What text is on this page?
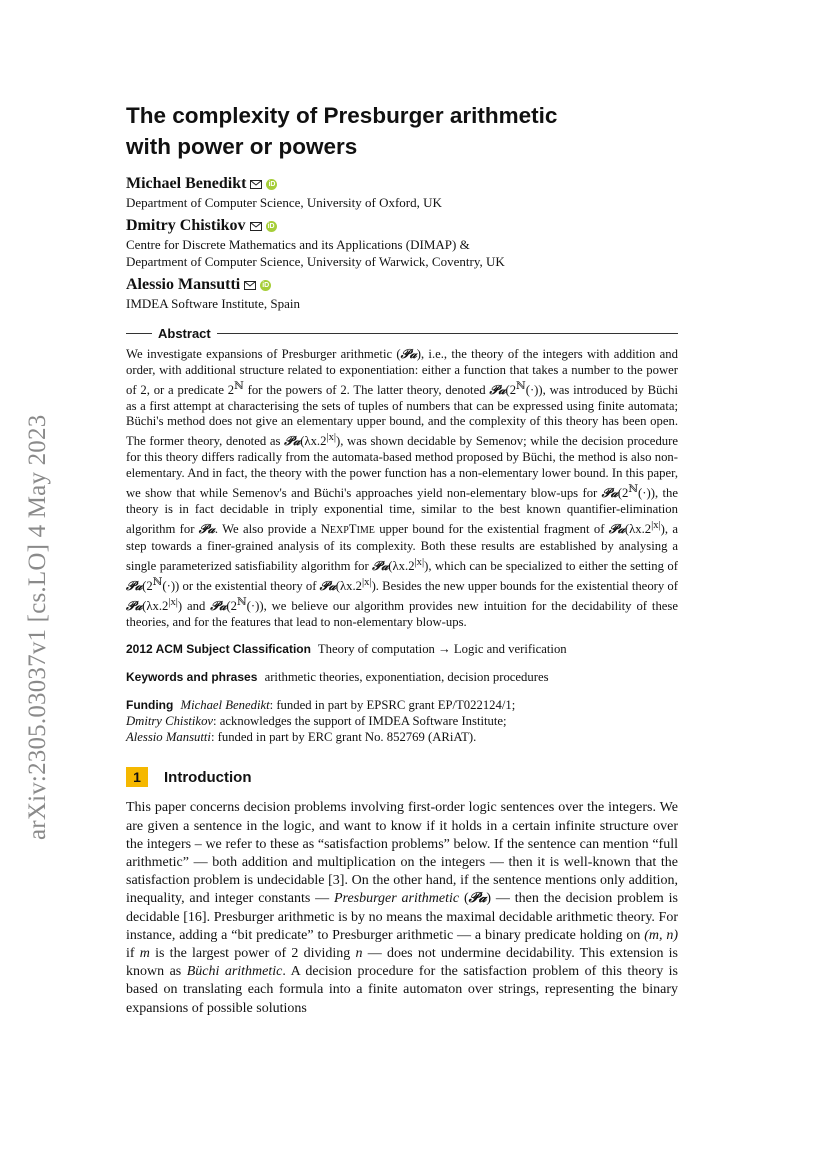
arXiv:2305.03037v1 [cs.LO] 4 May 2023
The complexity of Presburger arithmetic
with power or powers
Michael Benedikt	iD
Department of Computer Science, University of Oxford, UK
Dmitry Chistikov	iD
Centre for Discrete Mathematics and its Applications (DIMAP) &
Department of Computer Science, University of Warwick, Coventry, UK
Alessio Mansutti	iD
IMDEA Software Institute, Spain
Abstract

We investigate expansions of Presburger arithmetic (𝒫𝒶), i.e., the theory of the integers with addition and order, with additional structure related to exponentiation: either a function that takes a number to the power of 2, or a predicate $2^ℕ$ for the powers of 2. The latter theory, denoted $𝒫𝒶(2^ℕ(\cdot))$, was introduced by Büchi as a first attempt at characterising the sets of tuples of numbers that can be expressed using finite automata; Büchi's method does not give an elementary upper bound, and the complexity of this theory has been open. The former theory, denoted as $𝒫𝒶(\lambda x.2^{|x|})$, was shown decidable by Semenov; while the decision procedure for this theory differs radically from the automata-based method proposed by Büchi, the method is also non-elementary. And in fact, the theory with the power function has a non-elementary lower bound. In this paper, we show that while Semenov's and Büchi's approaches yield non-elementary blow-ups for $𝒫𝒶(2^ℕ(\cdot))$, the theory is in fact decidable in triply exponential time, similar to the best known quantifier-elimination algorithm for 𝒫𝒶. We also provide a NEXPTIME upper bound for the existential fragment of $𝒫𝒶(\lambda x.2^{|x|})$, a step towards a finer-grained analysis of its complexity. Both these results are established by analysing a single parameterized satisfiability algorithm for $𝒫𝒶(\lambda x.2^{|x|})$, which can be specialized to either the setting of $𝒫𝒶(2^ℕ(\cdot))$ or the existential theory of $𝒫𝒶(\lambda x.2^{|x|})$. Besides the new upper bounds for the existential theory of $𝒫𝒶(\lambda x.2^{|x|})$ and $𝒫𝒶(2^ℕ(\cdot))$, we believe our algorithm provides new intuition for the decidability of these theories, and for the features that lead to non-elementary blow-ups.

2012 ACM Subject Classification Theory of computation → Logic and verification
Keywords and phrases arithmetic theories, exponentiation, decision procedures
Funding Michael Benedikt: funded in part by EPSRC grant EP/T022124/1;
Dmitry Chistikov: acknowledges the support of IMDEA Software Institute;
Alessio Mansutti: funded in part by ERC grant No. 852769 (ARiAT).
1	Introduction

This paper concerns decision problems involving first-order logic sentences over the integers. We are given a sentence in the logic, and want to know if it holds in a certain infinite structure over the integers – we refer to these as “satisfaction problems” below. If the sentence can mention “full arithmetic” — both addition and multiplication on the integers — then it is well-known that the satisfaction problem is undecidable [3]. On the other hand, if the sentence mentions only addition, inequality, and integer constants — Presburger arithmetic (𝒫𝒶) — then the decision problem is decidable [16]. Presburger arithmetic is by no means the maximal decidable arithmetic theory. For instance, adding a “bit predicate” to Presburger arithmetic — a binary predicate holding on (m, n) if m is the largest power of 2 dividing n — does not undermine decidability. This extension is known as Büchi arithmetic. A decision procedure for the satisfaction problem of this theory is based on translating each formula into a finite automaton over strings, representing the binary expansions of possible solutions
